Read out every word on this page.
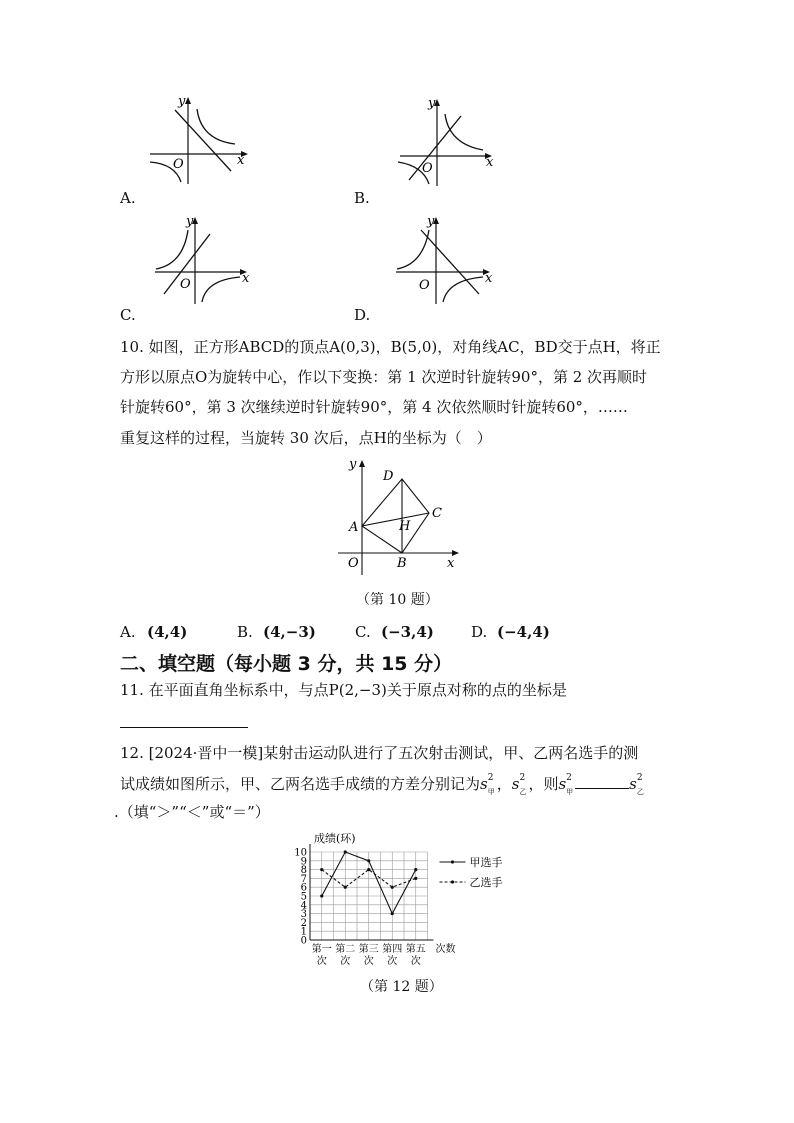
y
x
O
A.
y
x
O
B.
y
x
O
C.
y
x
O
D.
10. 如图，正方形ABCD的顶点A(0,3)，B(5,0)，对角线AC，BD交于点H，将正
方形以原点O为旋转中心，作以下变换：第 1 次逆时针旋转90°，第 2 次再顺时
针旋转60°，第 3 次继续逆时针旋转90°，第 4 次依然顺时针旋转60°，……
重复这样的过程，当旋转 30 次后，点H的坐标为（　）
y
x
O
A
B
C
D
H
（第 10 题）
A. (4,4)	B. (4,−3)	C. (−3,4) D. (−4,4)
二、填空题（每小题 3 分，共 15 分）
11. 在平面直角坐标系中，与点P(2,−3)关于原点对称的点的坐标是
12. [2024·晋中一模]某射击运动队进行了五次射击测试，甲、乙两名选手的测
试成绩如图所示，甲、乙两名选手成绩的方差分别记为s 2
甲 ，s 2
乙 ，则s 2
甲	s 2
乙
.（填“＞”“＜”或“＝”）
成绩(环)
0
1
2
3
4
5
6
7
8
9
10
第一
次
第二
次
第三
次
第四
次
第五
次
次数
甲选手
乙选手
（第 12 题）
